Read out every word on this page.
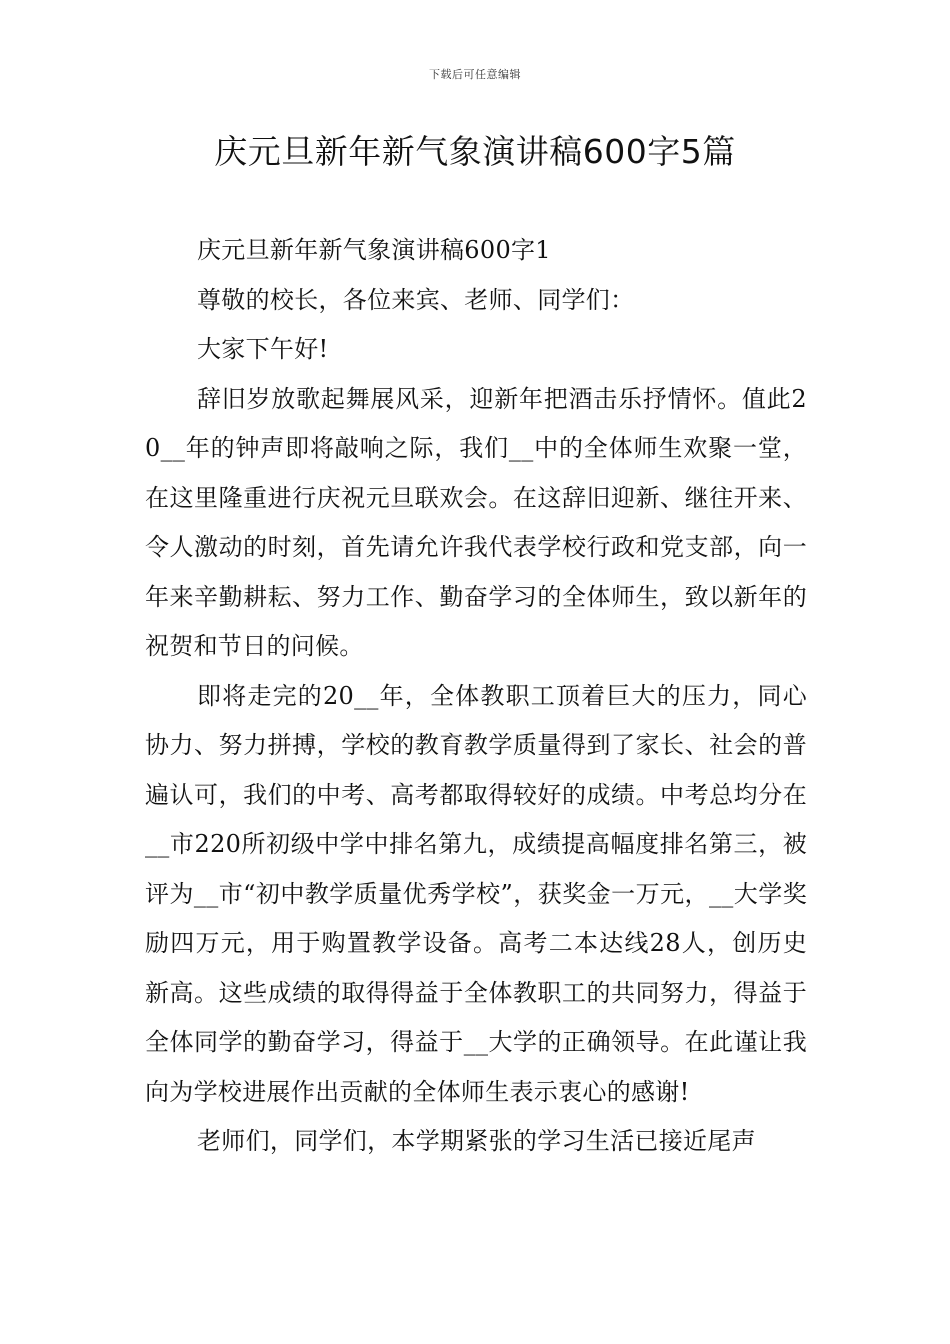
下载后可任意编辑
庆元旦新年新气象演讲稿600字5篇

庆元旦新年新气象演讲稿600字1

尊敬的校长，各位来宾、老师、同学们：

大家下午好!

辞旧岁放歌起舞展风采，迎新年把酒击乐抒情怀。值此20__年的钟声即将敲响之际，我们__中的全体师生欢聚一堂，在这里隆重进行庆祝元旦联欢会。在这辞旧迎新、继往开来、令人激动的时刻，首先请允许我代表学校行政和党支部，向一年来辛勤耕耘、努力工作、勤奋学习的全体师生，致以新年的祝贺和节日的问候。

即将走完的20__年，全体教职工顶着巨大的压力，同心协力、努力拼搏，学校的教育教学质量得到了家长、社会的普遍认可，我们的中考、高考都取得较好的成绩。中考总均分在__市220所初级中学中排名第九，成绩提高幅度排名第三，被评为__市“初中教学质量优秀学校”，获奖金一万元，__大学奖励四万元，用于购置教学设备。高考二本达线28人，创历史新高。这些成绩的取得得益于全体教职工的共同努力，得益于全体同学的勤奋学习，得益于__大学的正确领导。在此谨让我向为学校进展作出贡献的全体师生表示衷心的感谢!

老师们，同学们，本学期紧张的学习生活已接近尾声
